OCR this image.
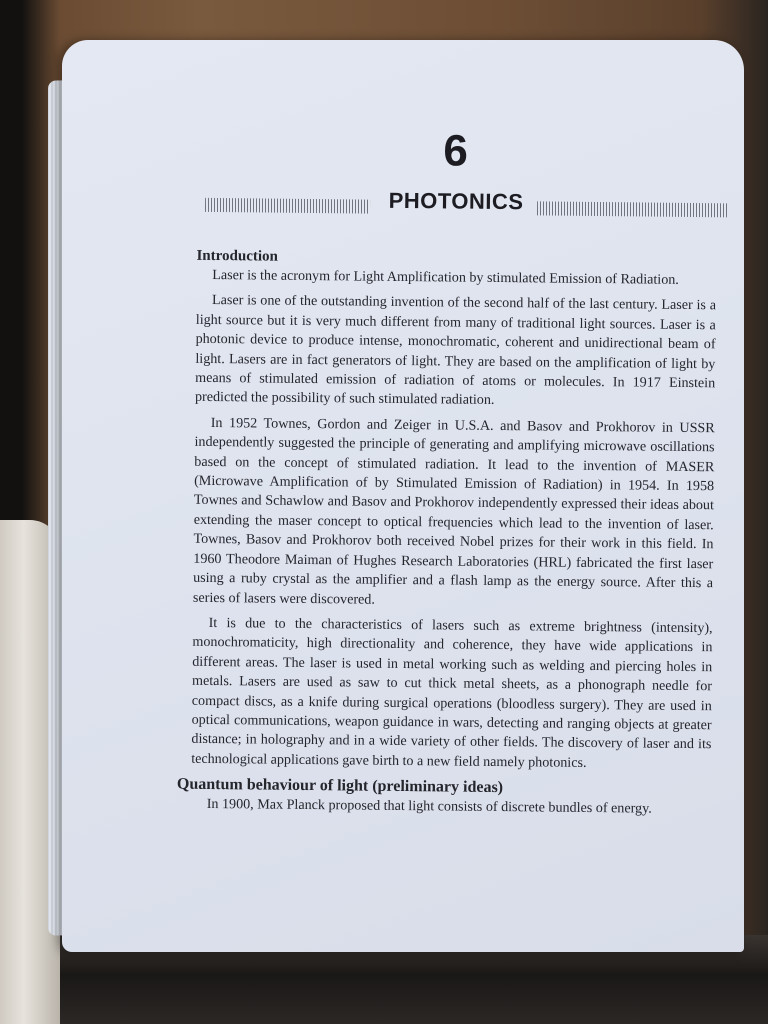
6
PHOTONICS
Introduction

Laser is the acronym for Light Amplification by stimulated Emission of Radiation.

Laser is one of the outstanding invention of the second half of the last century. Laser is a light source but it is very much different from many of traditional light sources. Laser is a photonic device to produce intense, monochromatic, coherent and unidirectional beam of light. Lasers are in fact generators of light. They are based on the amplification of light by means of stimulated emission of radiation of atoms or molecules. In 1917 Einstein predicted the possibility of such stimulated radiation.

In 1952 Townes, Gordon and Zeiger in U.S.A. and Basov and Prokhorov in USSR independently suggested the principle of generating and amplifying microwave oscillations based on the concept of stimulated radiation. It lead to the invention of MASER (Microwave Amplification of by Stimulated Emission of Radiation) in 1954. In 1958 Townes and Schawlow and Basov and Prokhorov independently expressed their ideas about extending the maser concept to optical frequencies which lead to the invention of laser. Townes, Basov and Prokhorov both received Nobel prizes for their work in this field. In 1960 Theodore Maiman of Hughes Research Laboratories (HRL) fabricated the first laser using a ruby crystal as the amplifier and a flash lamp as the energy source. After this a series of lasers were discovered.

It is due to the characteristics of lasers such as extreme brightness (intensity), monochromaticity, high directionality and coherence, they have wide applications in different areas. The laser is used in metal working such as welding and piercing holes in metals. Lasers are used as saw to cut thick metal sheets, as a phonograph needle for compact discs, as a knife during surgical operations (bloodless surgery). They are used in optical communications, weapon guidance in wars, detecting and ranging objects at greater distance; in holography and in a wide variety of other fields. The discovery of laser and its technological applications gave birth to a new field namely photonics.

Quantum behaviour of light (preliminary ideas)

In 1900, Max Planck proposed that light consists of discrete bundles of energy.
